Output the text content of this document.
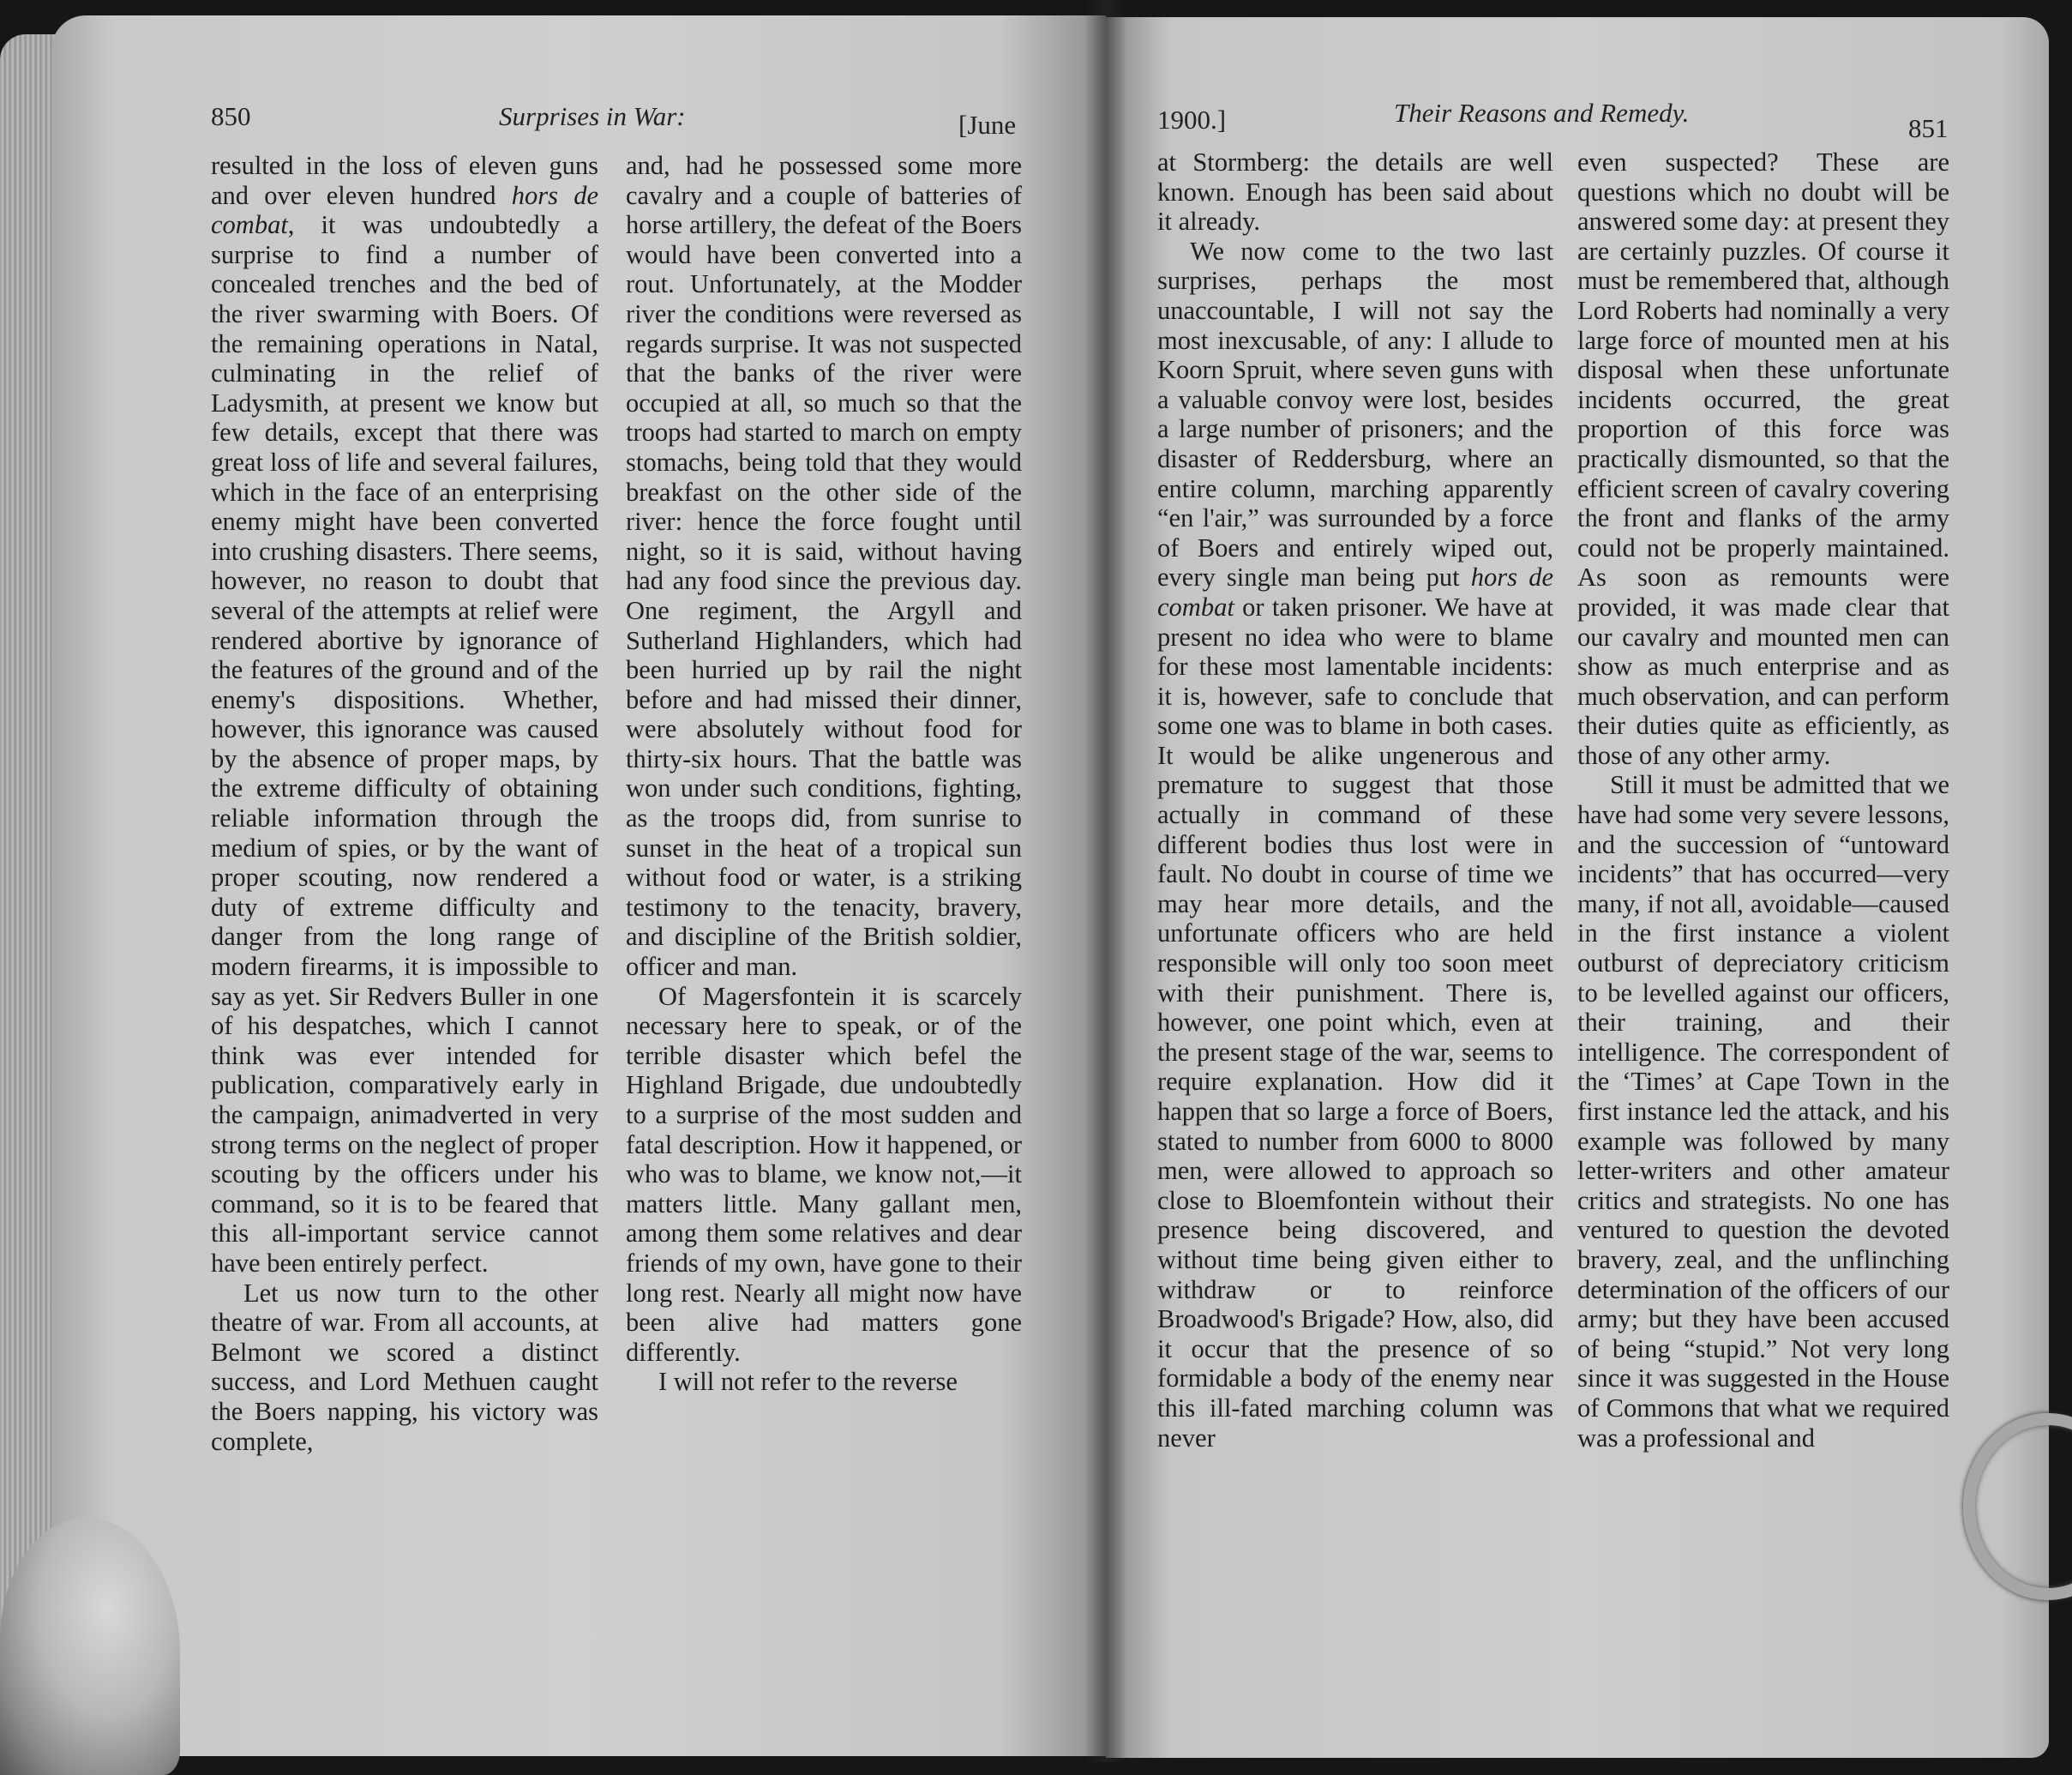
850	Surprises in War:	[June	1900.]	Their Reasons and Remedy.
851

resulted in the loss of eleven guns and over eleven hundred hors de combat, it was undoubtedly a surprise to find a number of concealed trenches and the bed of the river swarming with Boers. Of the remaining operations in Natal, culminating in the relief of Ladysmith, at present we know but few details, except that there was great loss of life and several failures, which in the face of an enterprising enemy might have been converted into crushing disasters. There seems, however, no reason to doubt that several of the attempts at relief were rendered abortive by ignorance of the features of the ground and of the enemy's dispositions. Whether, however, this ignorance was caused by the absence of proper maps, by the extreme difficulty of obtaining reliable information through the medium of spies, or by the want of proper scouting, now rendered a duty of extreme difficulty and danger from the long range of modern firearms, it is impossible to say as yet. Sir Redvers Buller in one of his despatches, which I cannot think was ever intended for publication, comparatively early in the campaign, animadverted in very strong terms on the neglect of proper scouting by the officers under his command, so it is to be feared that this all-important service cannot have been entirely perfect.

Let us now turn to the other theatre of war. From all accounts, at Belmont we scored a distinct success, and Lord Methuen caught the Boers napping, his victory was complete,

and, had he possessed some more cavalry and a couple of batteries of horse artillery, the defeat of the Boers would have been converted into a rout. Unfortunately, at the Modder river the conditions were reversed as regards surprise. It was not suspected that the banks of the river were occupied at all, so much so that the troops had started to march on empty stomachs, being told that they would breakfast on the other side of the river: hence the force fought until night, so it is said, without having had any food since the previous day. One regiment, the Argyll and Sutherland Highlanders, which had been hurried up by rail the night before and had missed their dinner, were absolutely without food for thirty-six hours. That the battle was won under such conditions, fighting, as the troops did, from sunrise to sunset in the heat of a tropical sun without food or water, is a striking testimony to the tenacity, bravery, and discipline of the British soldier, officer and man.

Of Magersfontein it is scarcely necessary here to speak, or of the terrible disaster which befel the Highland Brigade, due undoubtedly to a surprise of the most sudden and fatal description. How it happened, or who was to blame, we know not,—it matters little. Many gallant men, among them some relatives and dear friends of my own, have gone to their long rest. Nearly all might now have been alive had matters gone differently.

I will not refer to the reverse

at Stormberg: the details are well known. Enough has been said about it already.

We now come to the two last surprises, perhaps the most unaccountable, I will not say the most inexcusable, of any: I allude to Koorn Spruit, where seven guns with a valuable convoy were lost, besides a large number of prisoners; and the disaster of Reddersburg, where an entire column, marching apparently “en l'air,” was surrounded by a force of Boers and entirely wiped out, every single man being put hors de combat or taken prisoner. We have at present no idea who were to blame for these most lamentable incidents: it is, however, safe to conclude that some one was to blame in both cases. It would be alike ungenerous and premature to suggest that those actually in command of these different bodies thus lost were in fault. No doubt in course of time we may hear more details, and the unfortunate officers who are held responsible will only too soon meet with their punishment. There is, however, one point which, even at the present stage of the war, seems to require explanation. How did it happen that so large a force of Boers, stated to number from 6000 to 8000 men, were allowed to approach so close to Bloemfontein without their presence being discovered, and without time being given either to withdraw or to reinforce Broadwood's Brigade? How, also, did it occur that the presence of so formidable a body of the enemy near this ill-fated marching column was never

even suspected? These are questions which no doubt will be answered some day: at present they are certainly puzzles. Of course it must be remembered that, although Lord Roberts had nominally a very large force of mounted men at his disposal when these unfortunate incidents occurred, the great proportion of this force was practically dismounted, so that the efficient screen of cavalry covering the front and flanks of the army could not be properly maintained. As soon as remounts were provided, it was made clear that our cavalry and mounted men can show as much enterprise and as much observation, and can perform their duties quite as efficiently, as those of any other army.

Still it must be admitted that we have had some very severe lessons, and the succession of “untoward incidents” that has occurred—very many, if not all, avoidable—caused in the first instance a violent outburst of depreciatory criticism to be levelled against our officers, their training, and their intelligence. The correspondent of the ‘Times’ at Cape Town in the first instance led the attack, and his example was followed by many letter-writers and other amateur critics and strategists. No one has ventured to question the devoted bravery, zeal, and the unflinching determination of the officers of our army; but they have been accused of being “stupid.” Not very long since it was suggested in the House of Commons that what we required was a professional and
